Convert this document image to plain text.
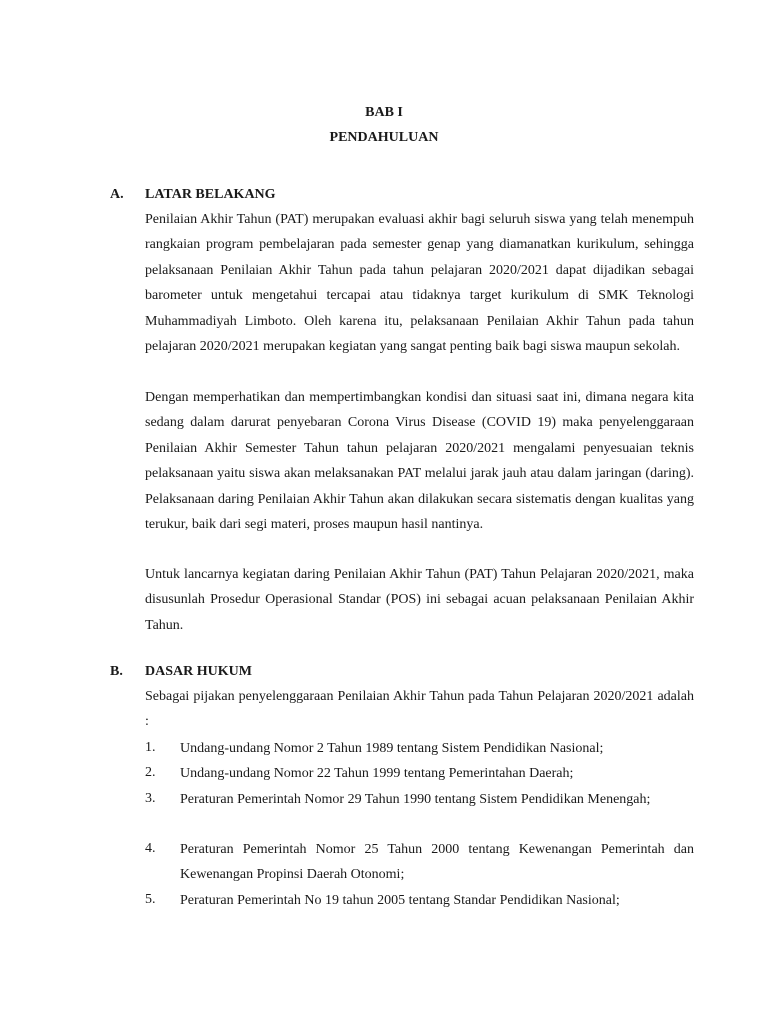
BAB I
PENDAHULUAN
A. LATAR BELAKANG

Penilaian Akhir Tahun (PAT) merupakan evaluasi akhir bagi seluruh siswa yang telah menempuh rangkaian program pembelajaran pada semester genap yang diamanatkan kurikulum, sehingga pelaksanaan Penilaian Akhir Tahun pada tahun pelajaran 2020/2021 dapat dijadikan sebagai barometer untuk mengetahui tercapai atau tidaknya target kurikulum di SMK Teknologi Muhammadiyah Limboto. Oleh karena itu, pelaksanaan Penilaian Akhir Tahun pada tahun pelajaran 2020/2021 merupakan kegiatan yang sangat penting baik bagi siswa maupun sekolah.

Dengan memperhatikan dan mempertimbangkan kondisi dan situasi saat ini, dimana negara kita sedang dalam darurat penyebaran Corona Virus Disease (COVID 19) maka penyelenggaraan Penilaian Akhir Semester Tahun tahun pelajaran 2020/2021 mengalami penyesuaian teknis pelaksanaan yaitu siswa akan melaksanakan PAT melalui jarak jauh atau dalam jaringan (daring). Pelaksanaan daring Penilaian Akhir Tahun akan dilakukan secara sistematis dengan kualitas yang terukur, baik dari segi materi, proses maupun hasil nantinya.

Untuk lancarnya kegiatan daring Penilaian Akhir Tahun (PAT) Tahun Pelajaran 2020/2021, maka disusunlah Prosedur Operasional Standar (POS) ini sebagai acuan pelaksanaan Penilaian Akhir Tahun.

B. DASAR HUKUM

Sebagai pijakan penyelenggaraan Penilaian Akhir Tahun pada Tahun Pelajaran 2020/2021 adalah :

1. Undang-undang Nomor 2 Tahun 1989 tentang Sistem Pendidikan Nasional;

2. Undang-undang Nomor 22 Tahun 1999 tentang Pemerintahan Daerah;

3. Peraturan Pemerintah Nomor 29 Tahun 1990 tentang Sistem Pendidikan Menengah;

4. Peraturan Pemerintah Nomor 25 Tahun 2000 tentang Kewenangan Pemerintah dan Kewenangan Propinsi Daerah Otonomi;

5. Peraturan Pemerintah No 19 tahun 2005 tentang Standar Pendidikan Nasional;
